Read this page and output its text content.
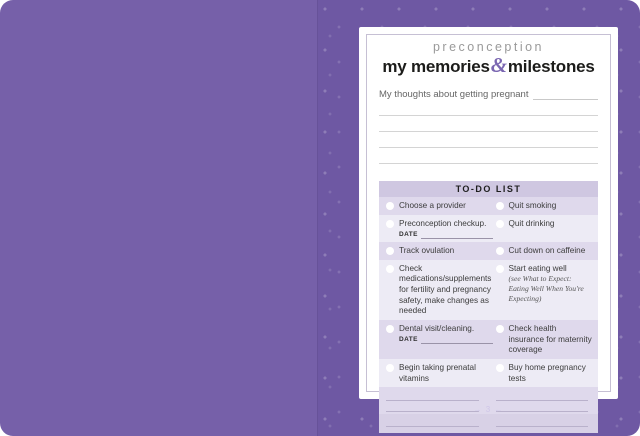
preconception
my memories&milestones
My thoughts about getting pregnant
TO-DO LIST
Choose a provider	Quit smoking
Preconception checkup.
DATE
Quit drinking
Track ovulation	Cut down on caffeine
Check medications/supplements for fertility and pregnancy safety, make changes as needed
Start eating well
(see What to Expect: Eating Well When You're Expecting)
Dental visit/cleaning.
DATE
Check health insurance for maternity coverage
Begin taking prenatal vitamins
Buy home pregnancy tests
→ 3 ←
